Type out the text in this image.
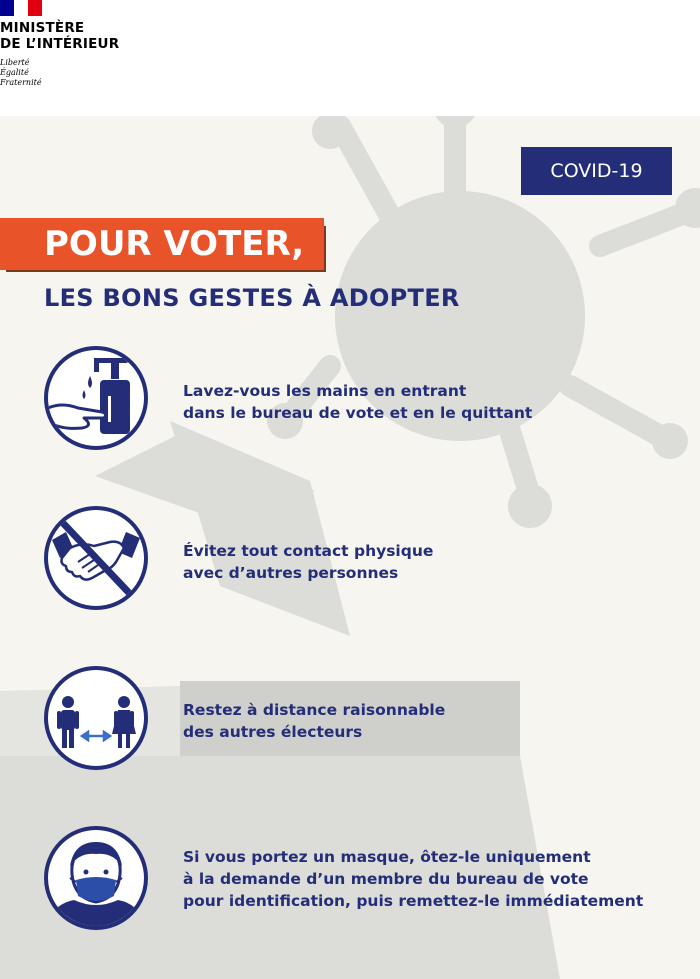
MINISTÈRE
DE L’INTÉRIEUR
Liberté
Égalité
Fraternité
COVID-19
POUR VOTER,
LES BONS GESTES À ADOPTER
Lavez-vous les mains en entrant
dans le bureau de vote et en le quittant
Évitez tout contact physique
avec d’autres personnes
Restez à distance raisonnable
des autres électeurs
Si vous portez un masque, ôtez-le uniquement
à la demande d’un membre du bureau de vote
pour identification, puis remettez-le immédiatement
